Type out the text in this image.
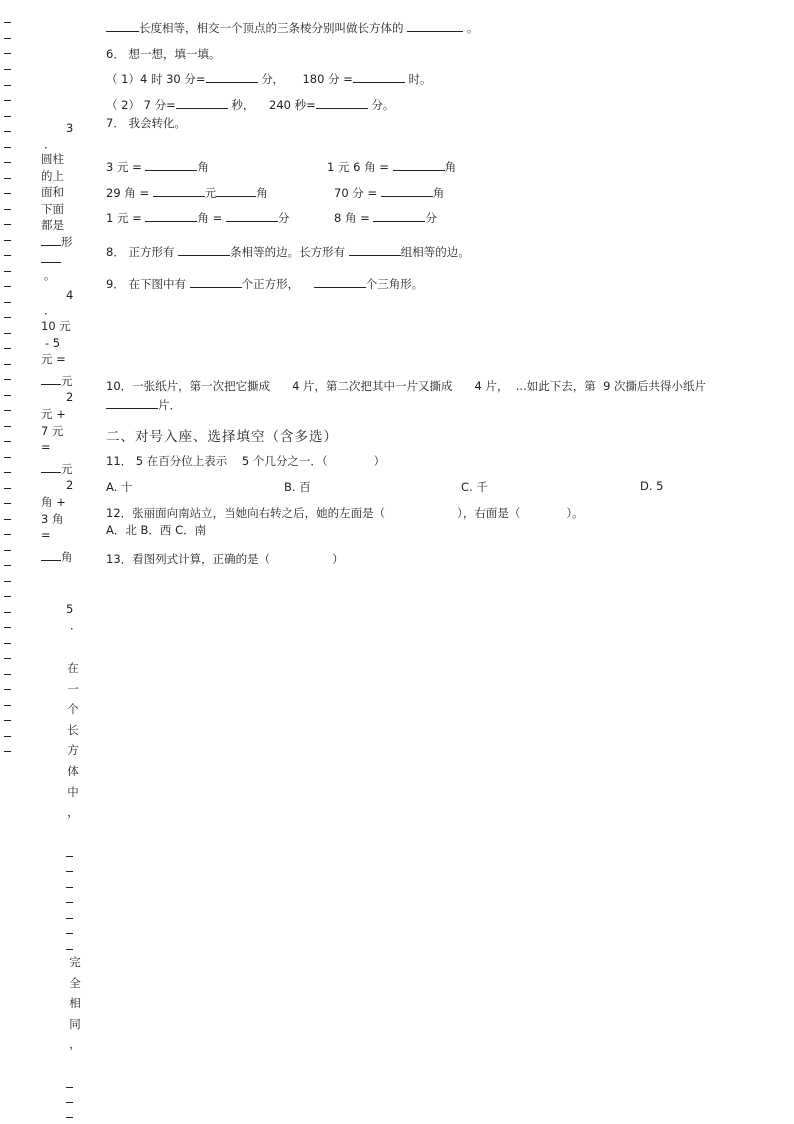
3
．
圆柱
的上
面和
下面
都是
形
。
4
．
10 元
- 5
元 =
元
2
元 +
7 元
=
元
2
角 +
3 角
=
角
5
．
在
一
个
长
方
体
中
，
完
全
相
同
，
长度相等，相交一个顶点的三条棱分别叫做长方体的	。
6． 想一想，填一填。
（ 1）4 时 30 分=	分， 180 分 =	时。
（ 2） 7 分=	秒， 240 秒=	分。
7． 我会转化。
3 元 =	角	1 元 6 角 =	角
29 角 =	元	角	70 分 =	角
1 元 =	角 =	分	8 角 =	分
8． 正方形有	条相等的边。长方形有	组相等的边。
9． 在下图中有	个正方形，	个三角形。
10．一张纸片，第一次把它撕成 4 片，第二次把其中一片又撕成 4 片， ...如此下去，第 9 次撕后共得小纸片
片．
二、对号入座、选择填空（含多选）
11． 5 在百分位上表示 5 个几分之一．（	）
A. 十	B. 百	C. 千	D. 5
12．张丽面向南站立，当她向右转之后，她的左面是（	），右面是（	）。
A．北 B．西 C．南
13．看图列式计算，正确的是（	）
